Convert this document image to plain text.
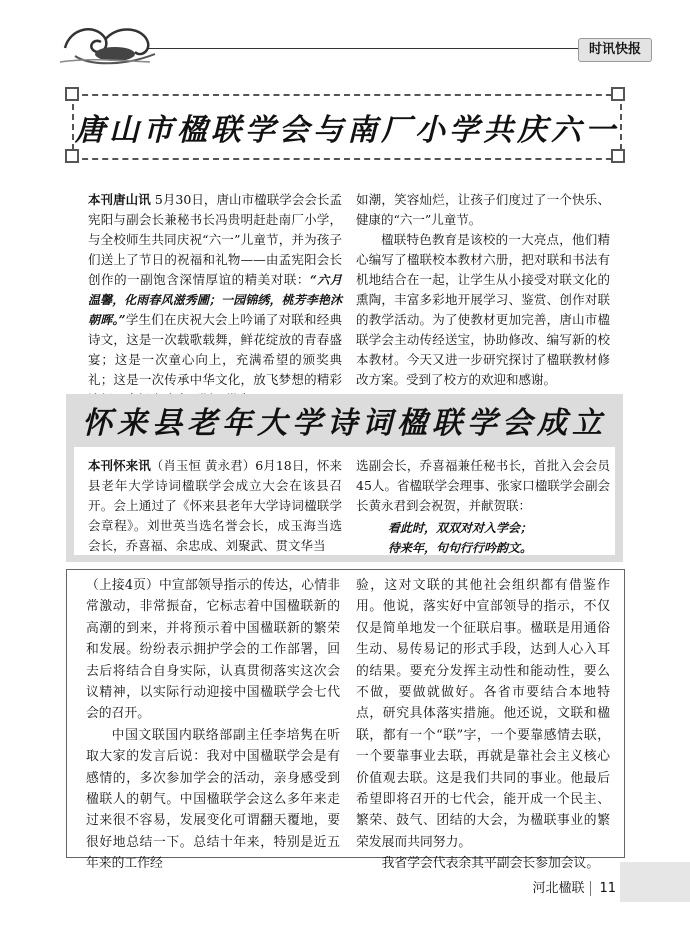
时讯快报
唐山市楹联学会与南厂小学共庆六一
本刊唐山讯 5月30日，唐山市楹联学会会长孟宪阳与副会长兼秘书长冯贵明赶赴南厂小学，与全校师生共同庆祝“六一”儿童节，并为孩子们送上了节日的祝福和礼物——由孟宪阳会长创作的一副饱含深情厚谊的精美对联：“六月温馨，化雨春风滋秀圃；一园锦绣，桃芳李艳沐朝晖。”学生们在庆祝大会上吟诵了对联和经典诗文，这是一次载歌载舞，鲜花绽放的青春盛宴；这是一次童心向上，充满希望的颁奖典礼；这是一次传承中华文化，放飞梦想的精彩
如潮，笑容灿烂，让孩子们度过了一个快乐、健康的“六一”儿童节。
楹联特色教育是该校的一大亮点，他们精心编写了楹联校本教材六册，把对联和书法有机地结合在一起，让学生从小接受对联文化的熏陶，丰富多彩地开展学习、鉴赏、创作对联的教学活动。为了使教材更加完善，唐山市楹联学会主动传经送宝，协助修改、编写新的校本教材。今天又进一步研究探讨了楹联教材修改方案。受到了校方的欢迎和感谢。
怀来县老年大学诗词楹联学会成立
本刊怀来讯（肖玉恒 黄永君）6月18日，怀来县老年大学诗词楹联学会成立大会在该县召开。会上通过了《怀来县老年大学诗词楹联学会章程》。刘世英当选名誉会长，成玉海当选会长，乔喜福、余忠成、刘聚武、贯文华当
选副会长，乔喜福兼任秘书长，首批入会会员45人。省楹联学会理事、张家口楹联学会副会长黄永君到会祝贺，并献贺联：
看此时，双双对对入学会；
待来年，句句行行吟韵文。
（上接4页）中宣部领导指示的传达，心情非常激动，非常振奋，它标志着中国楹联新的高潮的到来，并将预示着中国楹联新的繁荣和发展。纷纷表示拥护学会的工作部署，回去后将结合自身实际，认真贯彻落实这次会议精神，以实际行动迎接中国楹联学会七代会的召开。
中国文联国内联络部副主任李培隽在听取大家的发言后说：我对中国楹联学会是有感情的，多次参加学会的活动，亲身感受到楹联人的朝气。中国楹联学会这么多年来走过来很不容易，发展变化可谓翻天覆地，要很好地总结一下。总结十年来，特别是近五年来的工作经
验，这对文联的其他社会组织都有借鉴作用。他说，落实好中宣部领导的指示，不仅仅是简单地发一个征联启事。楹联是用通俗生动、易传易记的形式手段，达到人心入耳的结果。要充分发挥主动性和能动性，要么不做，要做就做好。各省市要结合本地特点，研究具体落实措施。他还说，文联和楹联，都有一个“联”字，一个要靠感情去联，一个要靠事业去联，再就是靠社会主义核心价值观去联。这是我们共同的事业。他最后希望即将召开的七代会，能开成一个民主、繁荣、鼓气、团结的大会，为楹联事业的繁荣发展而共同努力。
我省学会代表余其平副会长参加会议。
河北楹联 11
